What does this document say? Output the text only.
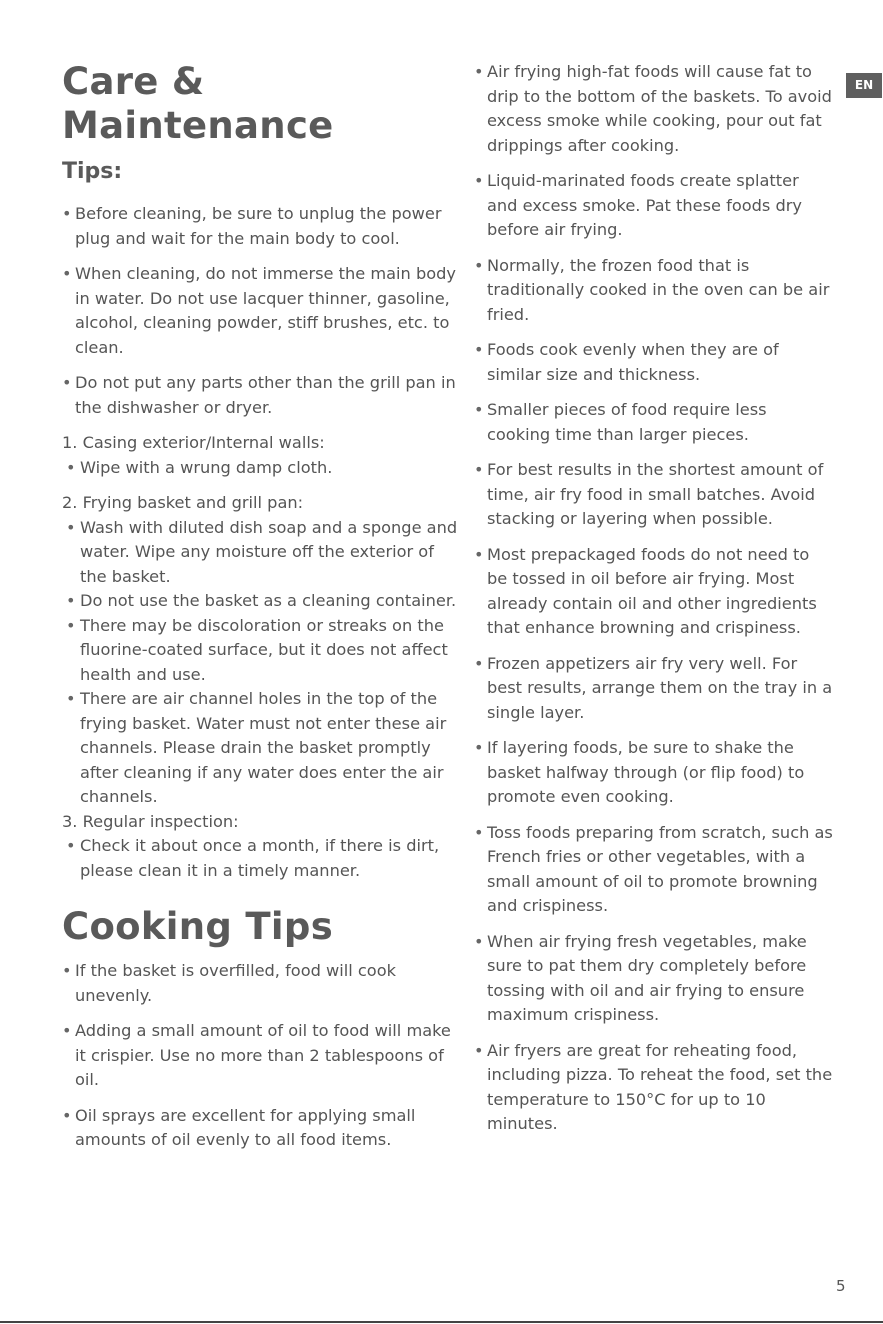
Care & Maintenance
Tips:

• Before cleaning, be sure to unplug the power plug and wait for the main body to cool.

• When cleaning, do not immerse the main body in water. Do not use lacquer thinner, gasoline, alcohol, cleaning powder, stiff brushes, etc. to clean.

• Do not put any parts other than the grill pan in the dishwasher or dryer.

1. Casing exterior/Internal walls:

• Wipe with a wrung damp cloth.

2. Frying basket and grill pan:

• Wash with diluted dish soap and a sponge and water. Wipe any moisture off the exterior of the basket.

• Do not use the basket as a cleaning container.

• There may be discoloration or streaks on the fluorine-coated surface, but it does not affect health and use.

• There are air channel holes in the top of the frying basket. Water must not enter these air channels. Please drain the basket promptly after cleaning if any water does enter the air channels.

3. Regular inspection:

• Check it about once a month, if there is dirt, please clean it in a timely manner.

Cooking Tips

• If the basket is overfilled, food will cook unevenly.

• Adding a small amount of oil to food will make it crispier. Use no more than 2 tablespoons of oil.

• Oil sprays are excellent for applying small amounts of oil evenly to all food items.

• Air frying high-fat foods will cause fat to drip to the bottom of the baskets. To avoid excess smoke while cooking, pour out fat drippings after cooking.

• Liquid-marinated foods create splatter and excess smoke. Pat these foods dry before air frying.

• Normally, the frozen food that is traditionally cooked in the oven can be air fried.

• Foods cook evenly when they are of similar size and thickness.

• Smaller pieces of food require less cooking time than larger pieces.

• For best results in the shortest amount of time, air fry food in small batches. Avoid stacking or layering when possible.

• Most prepackaged foods do not need to be tossed in oil before air frying. Most already contain oil and other ingredients that enhance browning and crispiness.

• Frozen appetizers air fry very well. For best results, arrange them on the tray in a single layer.

• If layering foods, be sure to shake the basket halfway through (or flip food) to promote even cooking.

• Toss foods preparing from scratch, such as French fries or other vegetables, with a small amount of oil to promote browning and crispiness.

• When air frying fresh vegetables, make sure to pat them dry completely before tossing with oil and air frying to ensure maximum crispiness.

• Air fryers are great for reheating food, including pizza. To reheat the food, set the temperature to 150°C for up to 10 minutes.

EN
5
